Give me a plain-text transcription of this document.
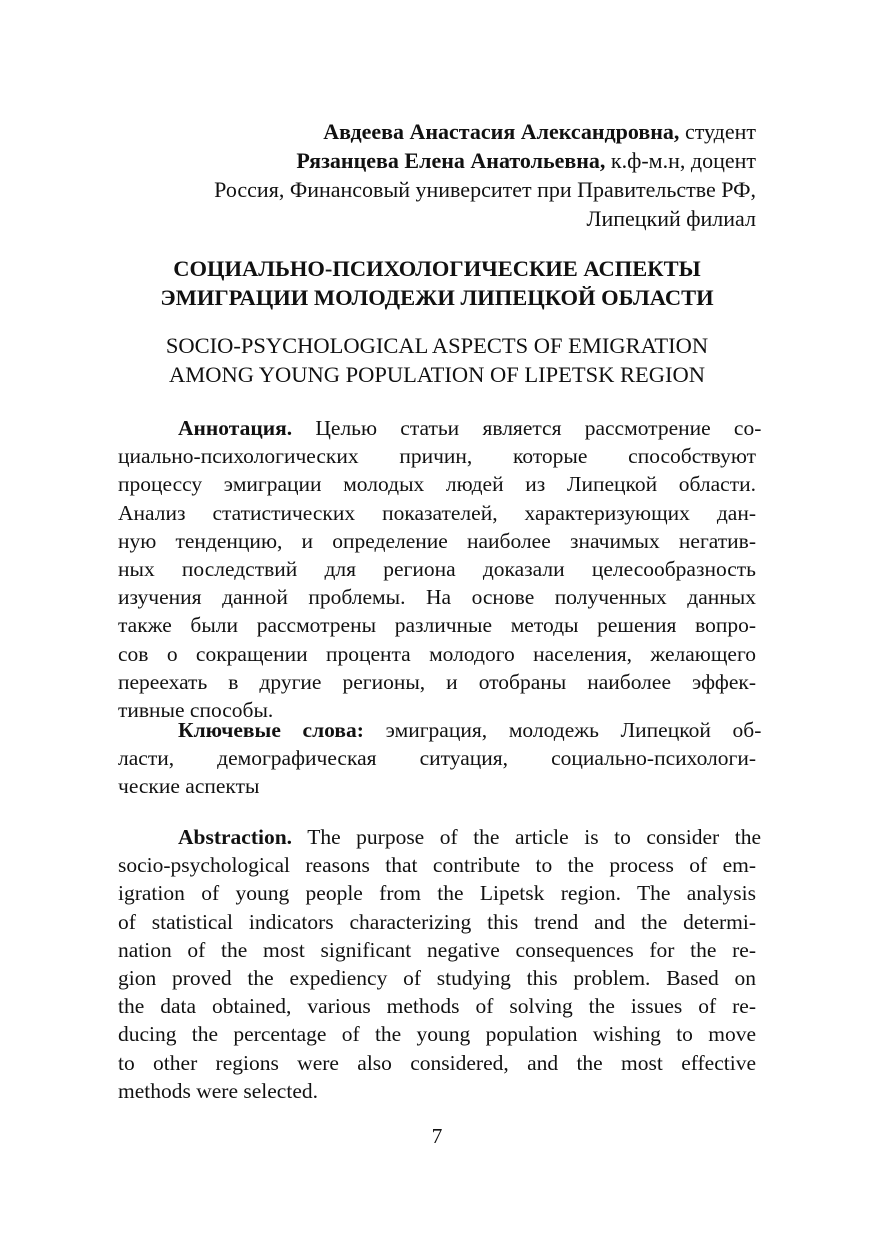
Авдеева Анастасия Александровна, студент
Рязанцева Елена Анатольевна, к.ф-м.н, доцент
Россия, Финансовый университет при Правительстве РФ,
Липецкий филиал
СОЦИАЛЬНО-ПСИХОЛОГИЧЕСКИЕ АСПЕКТЫ
ЭМИГРАЦИИ МОЛОДЕЖИ ЛИПЕЦКОЙ ОБЛАСТИ
SOCIO-PSYCHOLOGICAL ASPECTS OF EMIGRATION
AMONG YOUNG POPULATION OF LIPETSK REGION
Аннотация. Целью статьи является рассмотрение со-
циально-психологических причин, которые способствуют
процессу эмиграции молодых людей из Липецкой области.
Анализ статистических показателей, характеризующих дан-
ную тенденцию, и определение наиболее значимых негатив-
ных последствий для региона доказали целесообразность
изучения данной проблемы. На основе полученных данных
также были рассмотрены различные методы решения вопро-
сов о сокращении процента молодого населения, желающего
переехать в другие регионы, и отобраны наиболее эффек-
тивные способы.
Ключевые слова: эмиграция, молодежь Липецкой об-
ласти, демографическая ситуация, социально-психологи-
ческие аспекты
Abstraction. The purpose of the article is to consider the
socio-psychological reasons that contribute to the process of em-
igration of young people from the Lipetsk region. The analysis
of statistical indicators characterizing this trend and the determi-
nation of the most significant negative consequences for the re-
gion proved the expediency of studying this problem. Based on
the data obtained, various methods of solving the issues of re-
ducing the percentage of the young population wishing to move
to other regions were also considered, and the most effective
methods were selected.
7
